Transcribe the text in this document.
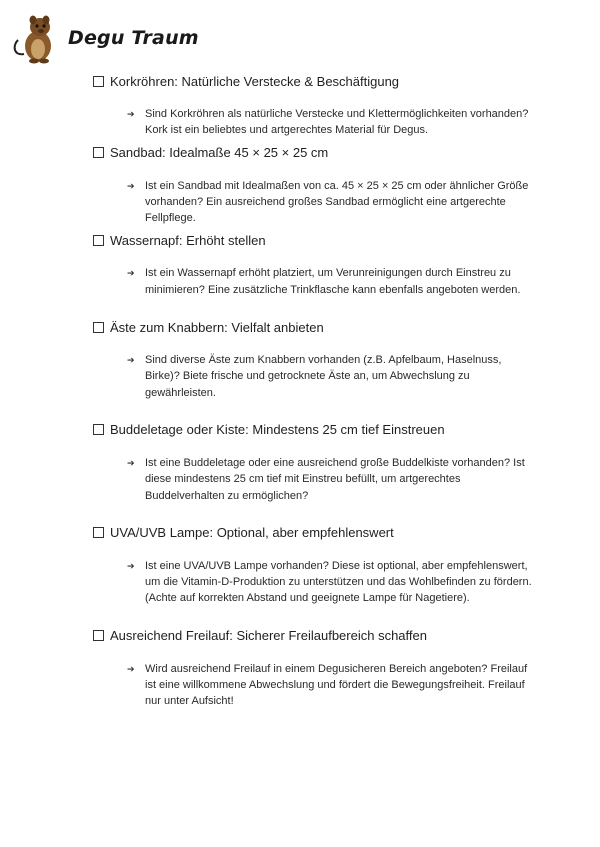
Degu Traum
Korkröhren: Natürliche Verstecke & Beschäftigung
➔ Sind Korkröhren als natürliche Verstecke und Klettermöglichkeiten vorhanden? Kork ist ein beliebtes und artgerechtes Material für Degus.
Sandbad: Idealmaße 45 × 25 × 25 cm
➔ Ist ein Sandbad mit Idealmaßen von ca. 45 × 25 × 25 cm oder ähnlicher Größe vorhanden? Ein ausreichend großes Sandbad ermöglicht eine artgerechte Fellpflege.
Wassernapf: Erhöht stellen
➔ Ist ein Wassernapf erhöht platziert, um Verunreinigungen durch Einstreu zu minimieren? Eine zusätzliche Trinkflasche kann ebenfalls angeboten werden.
Äste zum Knabbern: Vielfalt anbieten
➔ Sind diverse Äste zum Knabbern vorhanden (z.B. Apfelbaum, Haselnuss, Birke)? Biete frische und getrocknete Äste an, um Abwechslung zu gewährleisten.
Buddeletage oder Kiste: Mindestens 25 cm tief Einstreuen
➔ Ist eine Buddeletage oder eine ausreichend große Buddelkiste vorhanden? Ist diese mindestens 25 cm tief mit Einstreu befüllt, um artgerechtes Buddelverhalten zu ermöglichen?
UVA/UVB Lampe: Optional, aber empfehlenswert
➔ Ist eine UVA/UVB Lampe vorhanden? Diese ist optional, aber empfehlenswert, um die Vitamin-D-Produktion zu unterstützen und das Wohlbefinden zu fördern. (Achte auf korrekten Abstand und geeignete Lampe für Nagetiere).
Ausreichend Freilauf: Sicherer Freilaufbereich schaffen
➔ Wird ausreichend Freilauf in einem Degusicheren Bereich angeboten? Freilauf ist eine willkommene Abwechslung und fördert die Bewegungsfreiheit. Freilauf nur unter Aufsicht!
